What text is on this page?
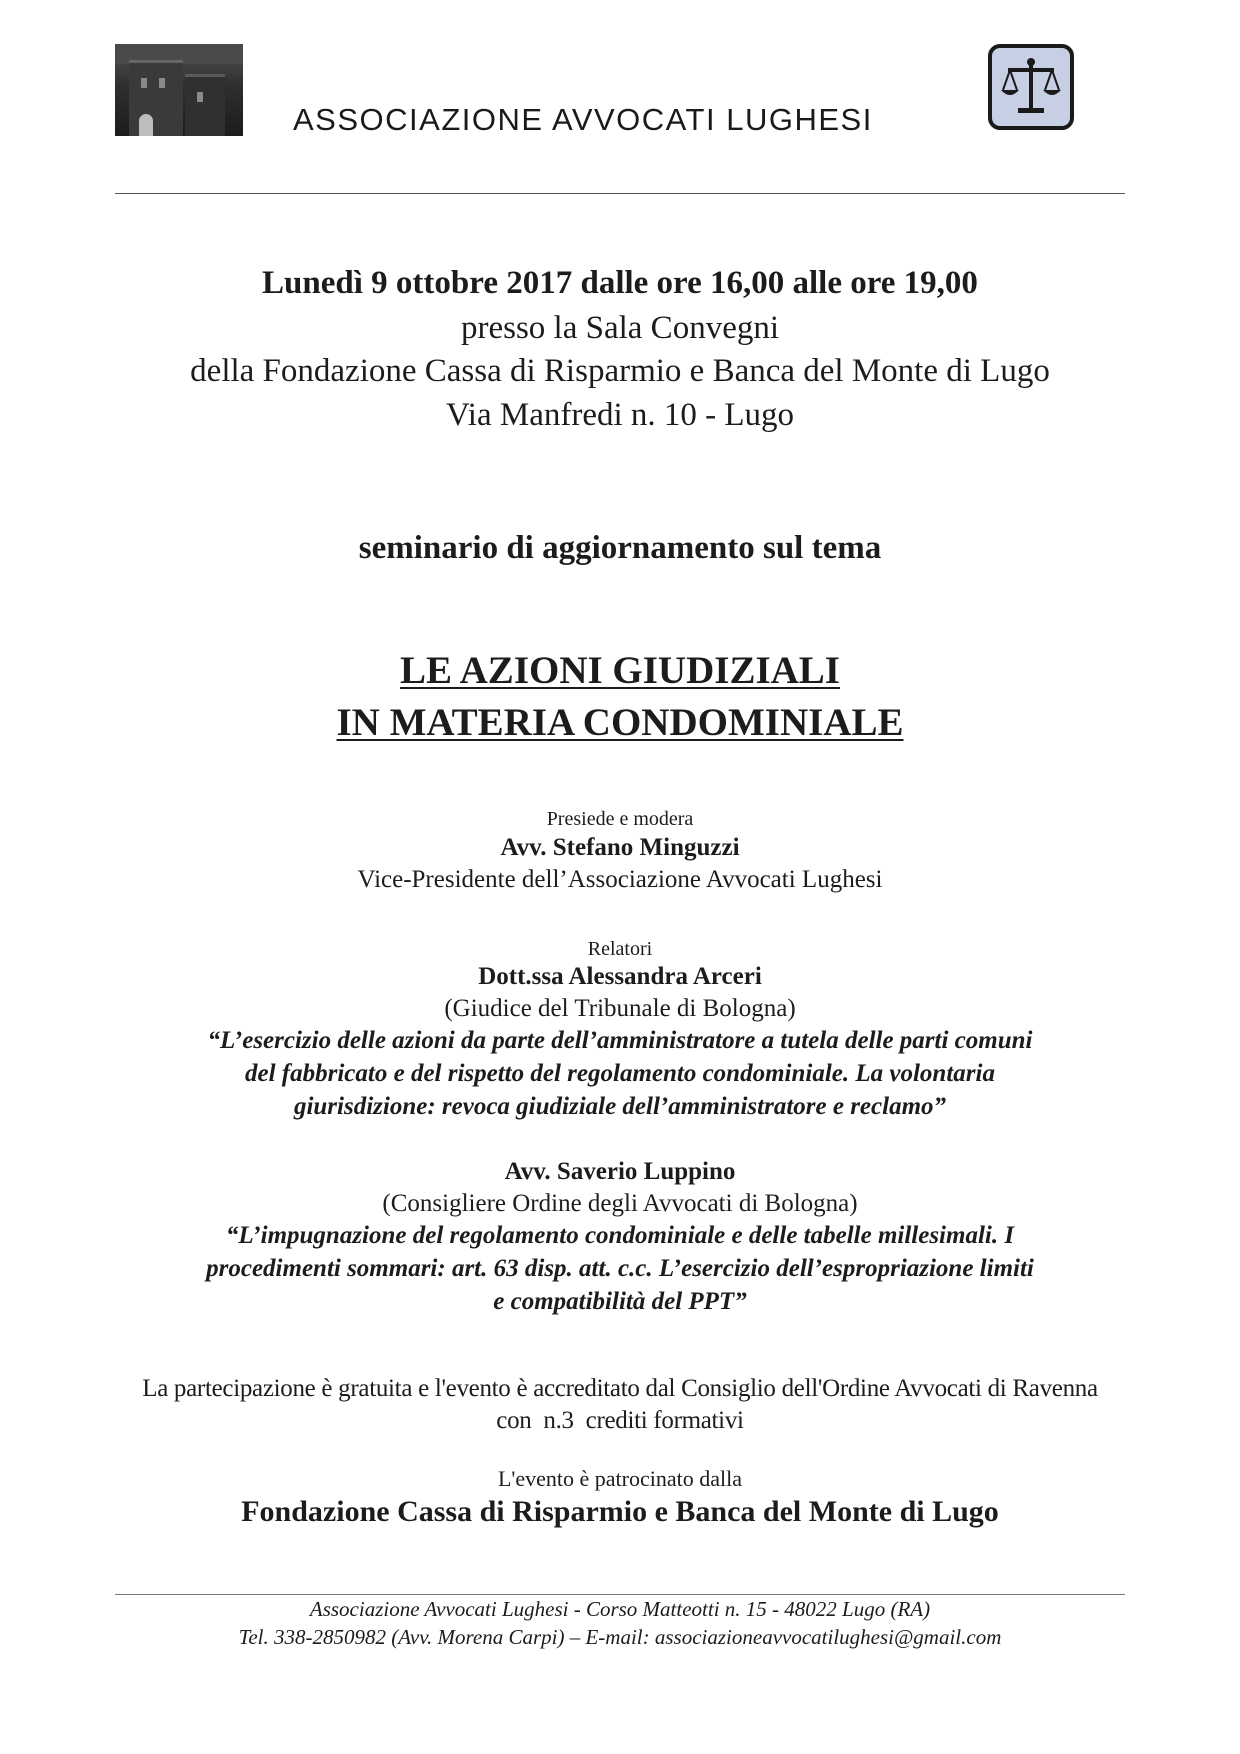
ASSOCIAZIONE AVVOCATI LUGHESI
Lunedì 9 ottobre 2017 dalle ore 16,00 alle ore 19,00
presso la Sala Convegni
della Fondazione Cassa di Risparmio e Banca del Monte di Lugo
Via Manfredi n. 10 - Lugo
seminario di aggiornamento sul tema
LE AZIONI GIUDIZIALI
IN MATERIA CONDOMINIALE
Presiede e modera
Avv. Stefano Minguzzi
Vice-Presidente dell’Associazione Avvocati Lughesi
Relatori
Dott.ssa Alessandra Arceri
(Giudice del Tribunale di Bologna)
“L’esercizio delle azioni da parte dell’amministratore a tutela delle parti comuni
del fabbricato e del rispetto del regolamento condominiale. La volontaria
giurisdizione: revoca giudiziale dell’amministratore e reclamo”
Avv. Saverio Luppino
(Consigliere Ordine degli Avvocati di Bologna)
“L’impugnazione del regolamento condominiale e delle tabelle millesimali. I
procedimenti sommari: art. 63 disp. att. c.c. L’esercizio dell’espropriazione limiti
e compatibilità del PPT”
La partecipazione è gratuita e l'evento è accreditato dal Consiglio dell'Ordine Avvocati di Ravenna
con  n.3  crediti formativi
L'evento è patrocinato dalla
Fondazione Cassa di Risparmio e Banca del Monte di Lugo
Associazione Avvocati Lughesi - Corso Matteotti n. 15 - 48022 Lugo (RA)
Tel. 338-2850982 (Avv. Morena Carpi) – E-mail: associazioneavvocatilughesi@gmail.com
